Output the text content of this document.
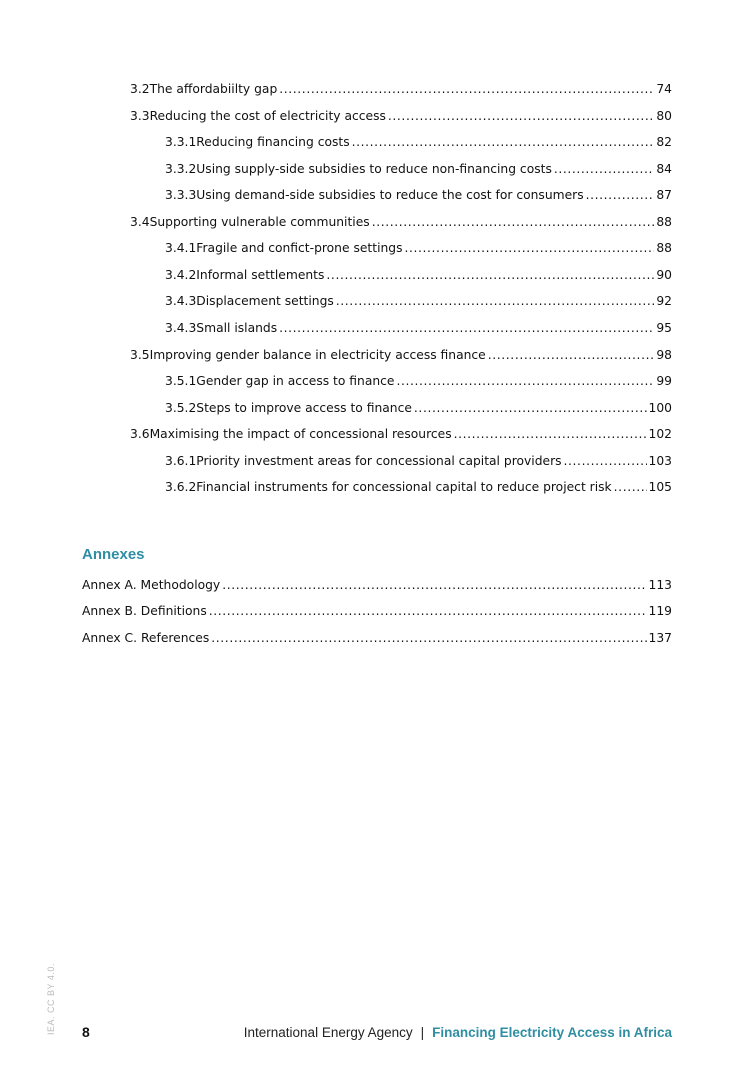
3.2 The affordabiilty gap .....	74
3.3 Reducing the cost of electricity access .....	80
3.3.1 Reducing financing costs .....	82
3.3.2 Using supply-side subsidies to reduce non-financing costs .....	84
3.3.3 Using demand-side subsidies to reduce the cost for consumers .....	87
3.4 Supporting vulnerable communities .....	88
3.4.1 Fragile and confict-prone settings .....	88
3.4.2 Informal settlements .....	90
3.4.3 Displacement settings .....	92
3.4.3 Small islands .....	95
3.5 Improving gender balance in electricity access finance .....	98
3.5.1 Gender gap in access to finance .....	99
3.5.2 Steps to improve access to finance .....	100
3.6 Maximising the impact of concessional resources .....	102
3.6.1 Priority investment areas for concessional capital providers .....	103
3.6.2 Financial instruments for concessional capital to reduce project risk .....	105
Annexes
Annex A. Methodology .....	113
Annex B. Definitions .....	119
Annex C. References .....	137
IEA. CC BY 4.0. 8	International Energy Agency | Financing Electricity Access in Africa
